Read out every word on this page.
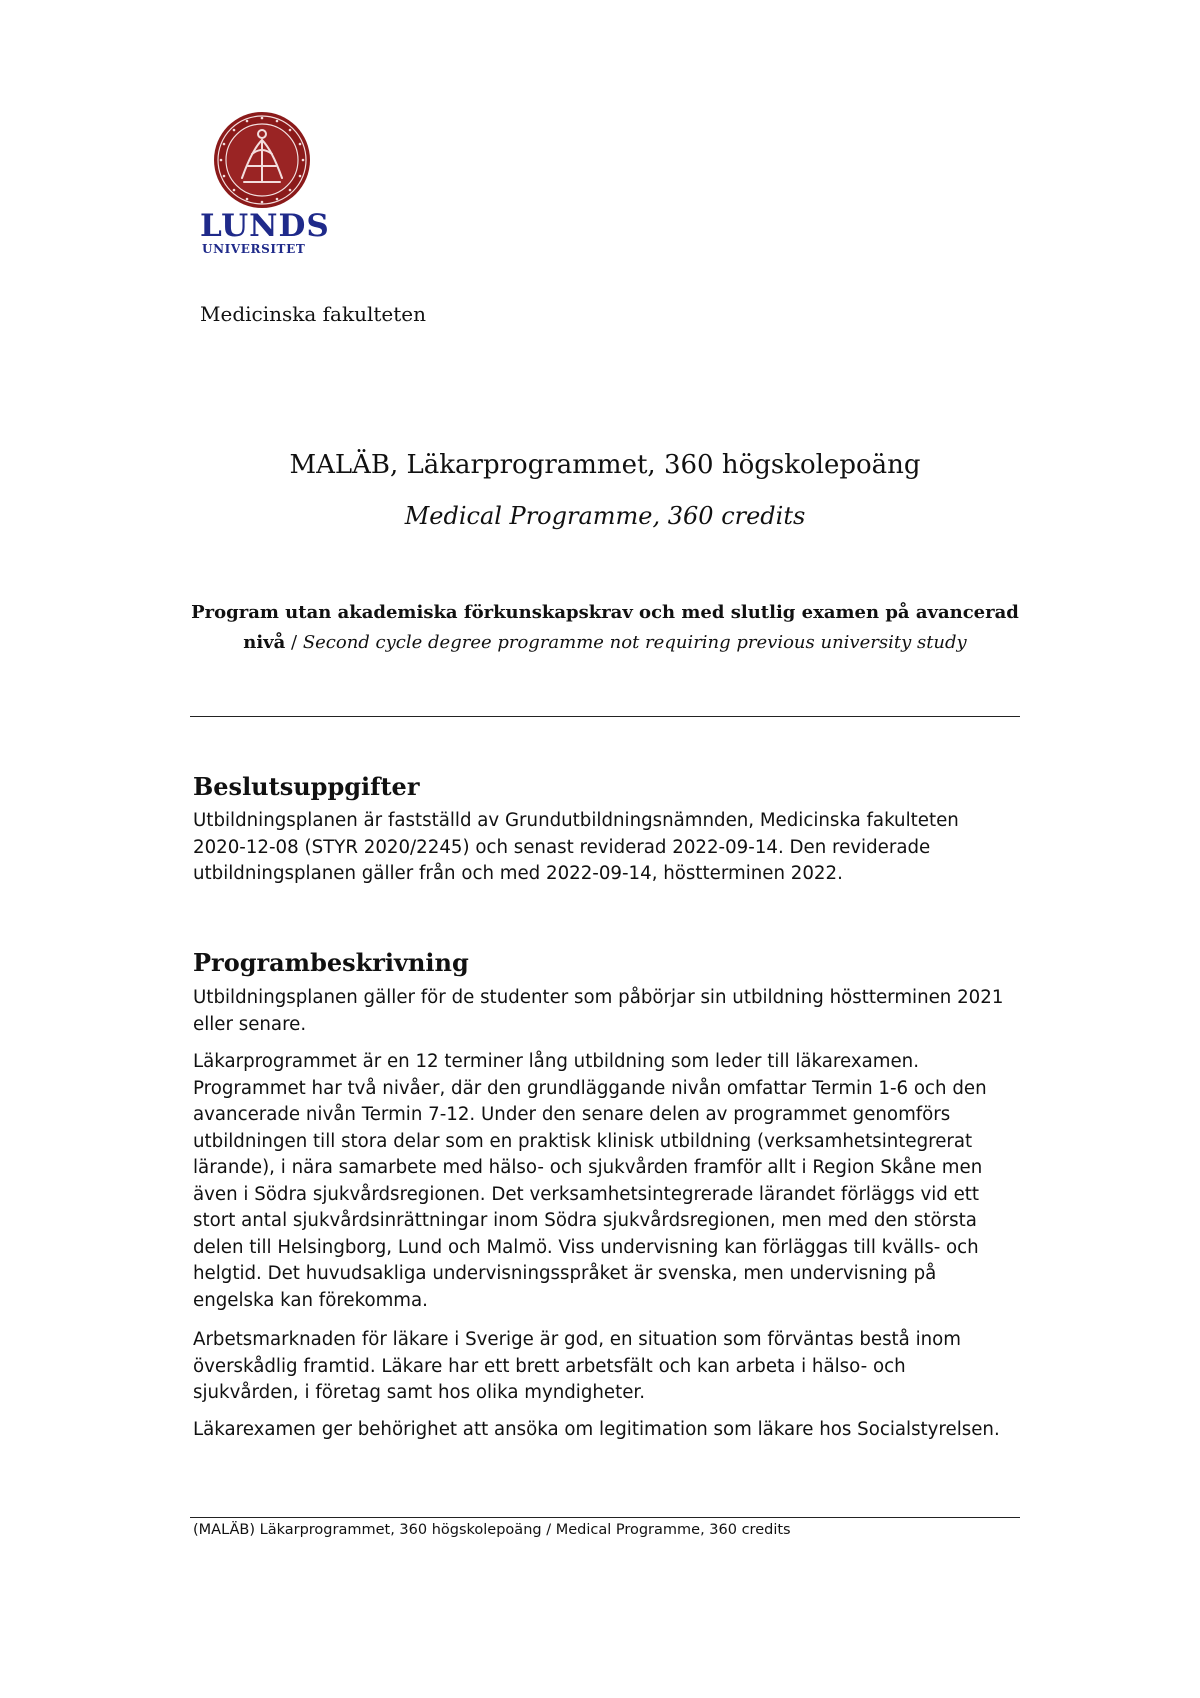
LUNDS
UNIVERSITET
Medicinska fakulteten
MALÄB, Läkarprogrammet, 360 högskolepoäng
Medical Programme, 360 credits
Program utan akademiska förkunskapskrav och med slutlig examen på avancerad nivå / Second cycle degree programme not requiring previous university study
Beslutsuppgifter

Utbildningsplanen är fastställd av Grundutbildningsnämnden, Medicinska fakulteten 2020-12-08 (STYR 2020/2245) och senast reviderad 2022-09-14. Den reviderade utbildningsplanen gäller från och med 2022-09-14, höstterminen 2022.

Programbeskrivning

Utbildningsplanen gäller för de studenter som påbörjar sin utbildning höstterminen 2021 eller senare.

Läkarprogrammet är en 12 terminer lång utbildning som leder till läkarexamen. Programmet har två nivåer, där den grundläggande nivån omfattar Termin 1-6 och den avancerade nivån Termin 7-12. Under den senare delen av programmet genomförs utbildningen till stora delar som en praktisk klinisk utbildning (verksamhetsintegrerat lärande), i nära samarbete med hälso- och sjukvården framför allt i Region Skåne men även i Södra sjukvårdsregionen. Det verksamhetsintegrerade lärandet förläggs vid ett stort antal sjukvårdsinrättningar inom Södra sjukvårdsregionen, men med den största delen till Helsingborg, Lund och Malmö. Viss undervisning kan förläggas till kvälls- och helgtid. Det huvudsakliga undervisningsspråket är svenska, men undervisning på engelska kan förekomma.

Arbetsmarknaden för läkare i Sverige är god, en situation som förväntas bestå inom överskådlig framtid. Läkare har ett brett arbetsfält och kan arbeta i hälso- och sjukvården, i företag samt hos olika myndigheter.

Läkarexamen ger behörighet att ansöka om legitimation som läkare hos Socialstyrelsen.

(MALÄB) Läkarprogrammet, 360 högskolepoäng / Medical Programme, 360 credits
